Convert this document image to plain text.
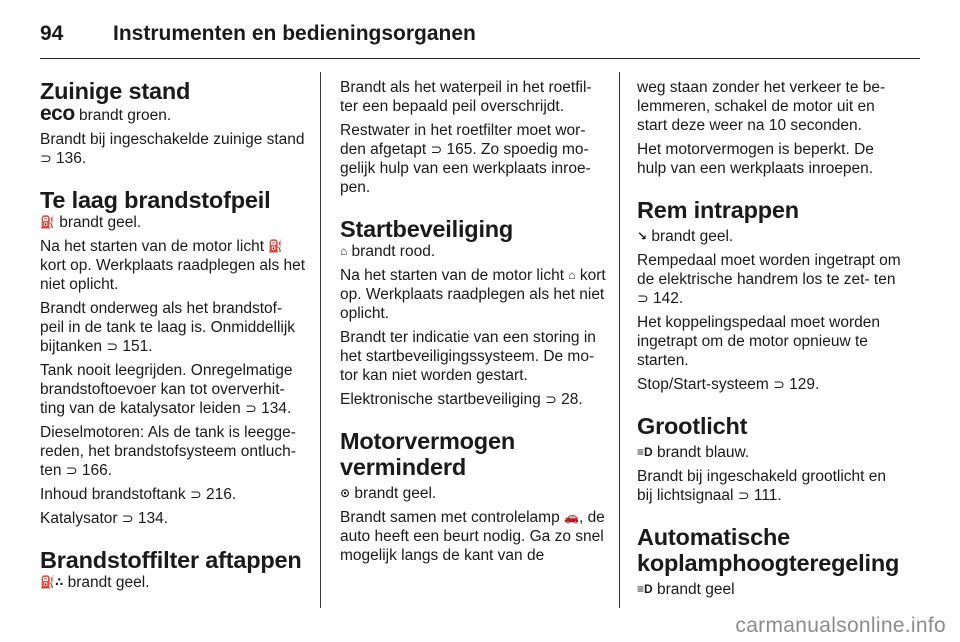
94 Instrumenten en bedieningsorganen
Zuinige stand

eco brandt groen.

Brandt bij ingeschakelde zuinige stand ⊃ 136.

Te laag brandstofpeil

⛽ brandt geel.

Na het starten van de motor licht ⛽ kort op. Werkplaats raadplegen als het niet oplicht.

Brandt onderweg als het brandstof- peil in de tank te laag is. Onmiddellijk bijtanken ⊃ 151.

Tank nooit leegrijden. Onregelmatige brandstoftoevoer kan tot oververhit- ting van de katalysator leiden ⊃ 134.

Dieselmotoren: Als de tank is leegge- reden, het brandstofsysteem ontluch- ten ⊃ 166.

Inhoud brandstoftank ⊃ 216.

Katalysator ⊃ 134.

Brandstoffilter aftappen

⛽∴ brandt geel.

Brandt als het waterpeil in het roetfil- ter een bepaald peil overschrijdt.

Restwater in het roetfilter moet wor- den afgetapt ⊃ 165. Zo spoedig mo- gelijk hulp van een werkplaats inroe- pen.

Startbeveiliging

⌂ brandt rood.

Na het starten van de motor licht ⌂ kort op. Werkplaats raadplegen als het niet oplicht.

Brandt ter indicatie van een storing in het startbeveiligingssysteem. De mo- tor kan niet worden gestart.

Elektronische startbeveiliging ⊃ 28.

Motorvermogen
verminderd

⊙ brandt geel.

Brandt samen met controlelamp 🚗, de auto heeft een beurt nodig. Ga zo snel mogelijk langs de kant van de

weg staan zonder het verkeer te be- lemmeren, schakel de motor uit en start deze weer na 10 seconden.

Het motorvermogen is beperkt. De hulp van een werkplaats inroepen.

Rem intrappen

↘ brandt geel.

Rempedaal moet worden ingetrapt om de elektrische handrem los te zet- ten ⊃ 142.

Het koppelingspedaal moet worden ingetrapt om de motor opnieuw te starten.

Stop/Start-systeem ⊃ 129.

Grootlicht

≡D brandt blauw.

Brandt bij ingeschakeld grootlicht en bij lichtsignaal ⊃ 111.

Automatische
koplamphoogteregeling

≡D brandt geel

carmanualsonline.info
